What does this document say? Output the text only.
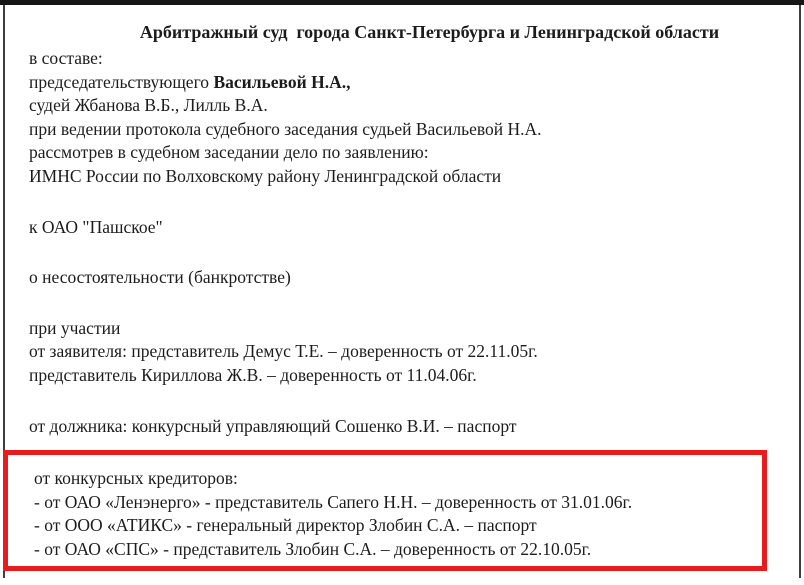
Арбитражный суд  города Санкт-Петербурга и Ленинградской области
в составе:
председательствующего Васильевой Н.А.,
судей Жбанова В.Б., Лилль В.А.
при ведении протокола судебного заседания судьей Васильевой Н.А.
рассмотрев в судебном заседании дело по заявлению:
ИМНС России по Волховскому району Ленинградской области
к ОАО "Пашское"
о несостоятельности (банкротстве)
при участии
от заявителя: представитель Демус Т.Е. – доверенность от 22.11.05г.
представитель Кириллова Ж.В. – доверенность от 11.04.06г.
от должника: конкурсный управляющий Сошенко В.И. – паспорт
от конкурсных кредиторов:
- от ОАО «Ленэнерго» - представитель Сапего Н.Н. – доверенность от 31.01.06г.
- от ООО «АТИКС» - генеральный директор Злобин С.А. – паспорт
- от ОАО «СПС» - представитель Злобин С.А. – доверенность от 22.10.05г.
